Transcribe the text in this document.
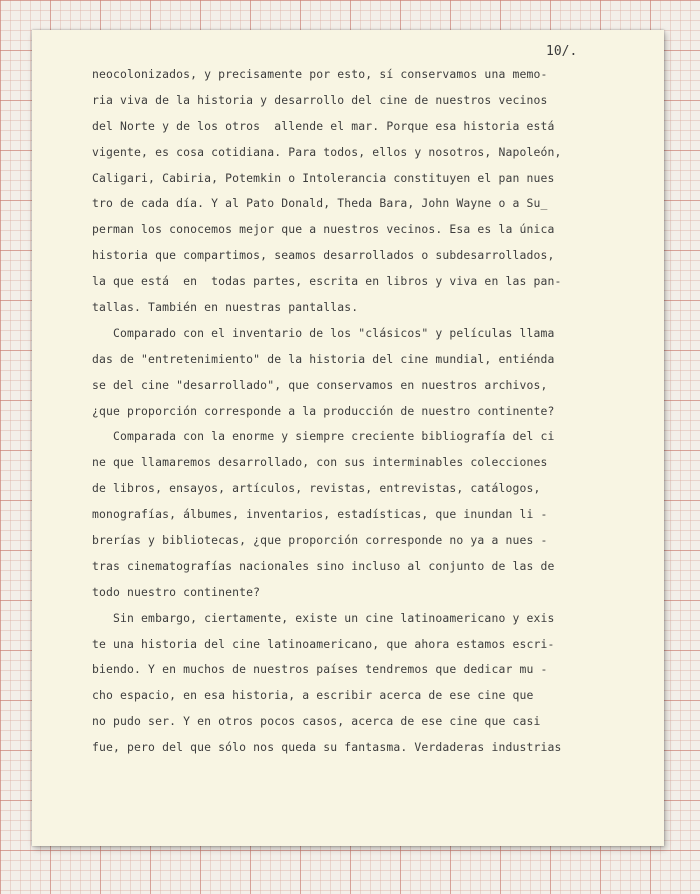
10/.
neocolonizados, y precisamente por esto, sí conservamos una memo-
ria viva de la historia y desarrollo del cine de nuestros vecinos
del Norte y de los otros  allende el mar. Porque esa historia está
vigente, es cosa cotidiana. Para todos, ellos y nosotros, Napoleón,
Caligari, Cabiria, Potemkin o Intolerancia constituyen el pan nues
tro de cada día. Y al Pato Donald, Theda Bara, John Wayne o a Su_
perman los conocemos mejor que a nuestros vecinos. Esa es la única
historia que compartimos, seamos desarrollados o subdesarrollados,
la que está  en  todas partes, escrita en libros y viva en las pan-
tallas. También en nuestras pantallas.
Comparado con el inventario de los "clásicos" y películas llama
das de "entretenimiento" de la historia del cine mundial, entiénda
se del cine "desarrollado", que conservamos en nuestros archivos,
¿que proporción corresponde a la producción de nuestro continente?
Comparada con la enorme y siempre creciente bibliografía del ci
ne que llamaremos desarrollado, con sus interminables colecciones
de libros, ensayos, artículos, revistas, entrevistas, catálogos,
monografías, álbumes, inventarios, estadísticas, que inundan li -
brerías y bibliotecas, ¿que proporción corresponde no ya a nues -
tras cinematografías nacionales sino incluso al conjunto de las de
todo nuestro continente?
Sin embargo, ciertamente, existe un cine latinoamericano y exis
te una historia del cine latinoamericano, que ahora estamos escri-
biendo. Y en muchos de nuestros países tendremos que dedicar mu -
cho espacio, en esa historia, a escribir acerca de ese cine que
no pudo ser. Y en otros pocos casos, acerca de ese cine que casi
fue, pero del que sólo nos queda su fantasma. Verdaderas industrias
